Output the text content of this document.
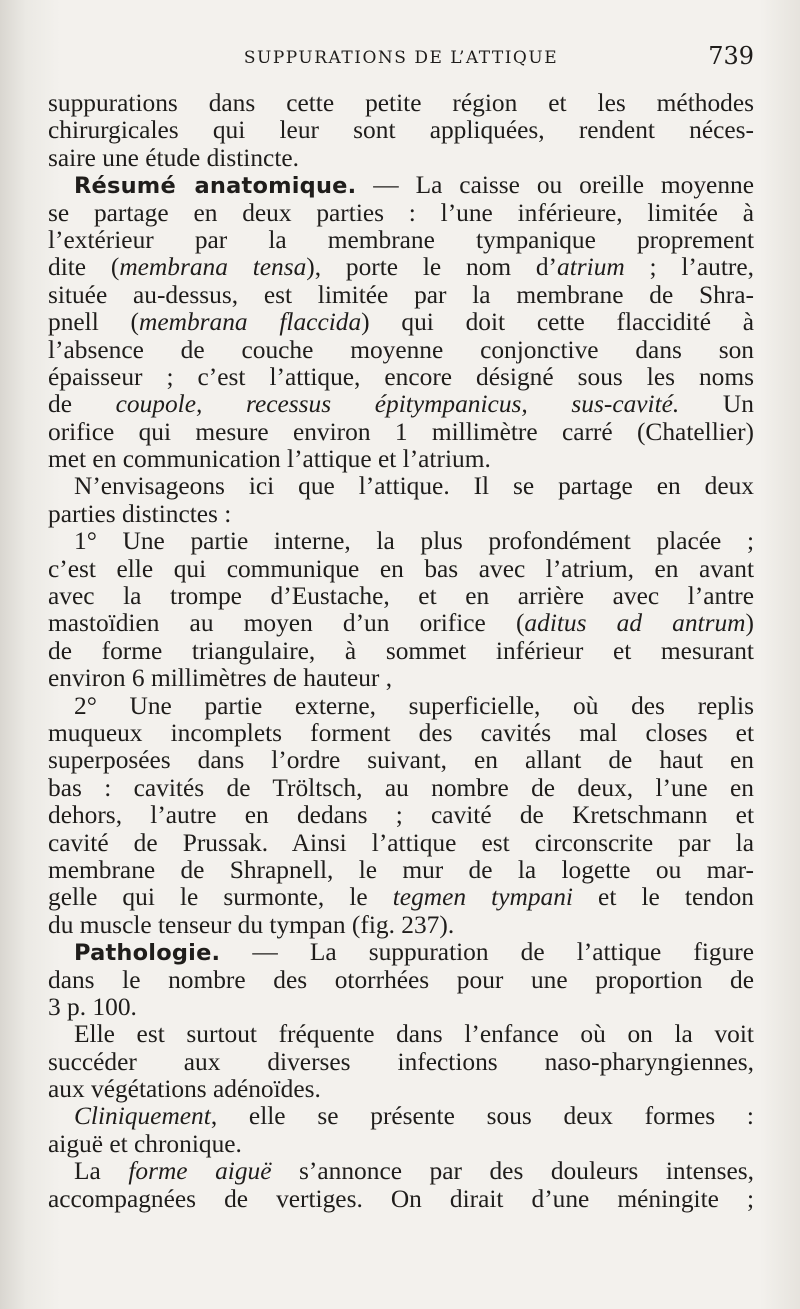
SUPPURATIONS DE L’ATTIQUE	739
suppurations dans cette petite région et les méthodes
chirurgicales qui leur sont appliquées, rendent néces-
saire une étude distincte.
Résumé anatomique. — La caisse ou oreille moyenne
se partage en deux parties : l’une inférieure, limitée à
l’extérieur par la membrane tympanique proprement
dite (membrana tensa), porte le nom d’atrium ; l’autre,
située au-dessus, est limitée par la membrane de Shra-
pnell (membrana flaccida) qui doit cette flaccidité à
l’absence de couche moyenne conjonctive dans son
épaisseur ; c’est l’attique, encore désigné sous les noms
de coupole, recessus épitympanicus, sus-cavité. Un
orifice qui mesure environ 1 millimètre carré (Chatellier)
met en communication l’attique et l’atrium.
N’envisageons ici que l’attique. Il se partage en deux
parties distinctes :
1° Une partie interne, la plus profondément placée ;
c’est elle qui communique en bas avec l’atrium, en avant
avec la trompe d’Eustache, et en arrière avec l’antre
mastoïdien au moyen d’un orifice (aditus ad antrum)
de forme triangulaire, à sommet inférieur et mesurant
environ 6 millimètres de hauteur ,
2° Une partie externe, superficielle, où des replis
muqueux incomplets forment des cavités mal closes et
superposées dans l’ordre suivant, en allant de haut en
bas : cavités de Tröltsch, au nombre de deux, l’une en
dehors, l’autre en dedans ; cavité de Kretschmann et
cavité de Prussak. Ainsi l’attique est circonscrite par la
membrane de Shrapnell, le mur de la logette ou mar-
gelle qui le surmonte, le tegmen tympani et le tendon
du muscle tenseur du tympan (fig. 237).
Pathologie. — La suppuration de l’attique figure
dans le nombre des otorrhées pour une proportion de
3 p. 100.
Elle est surtout fréquente dans l’enfance où on la voit
succéder aux diverses infections naso-pharyngiennes,
aux végétations adénoïdes.
Cliniquement, elle se présente sous deux formes :
aiguë et chronique.
La forme aiguë s’annonce par des douleurs intenses,
accompagnées de vertiges. On dirait d’une méningite ;
